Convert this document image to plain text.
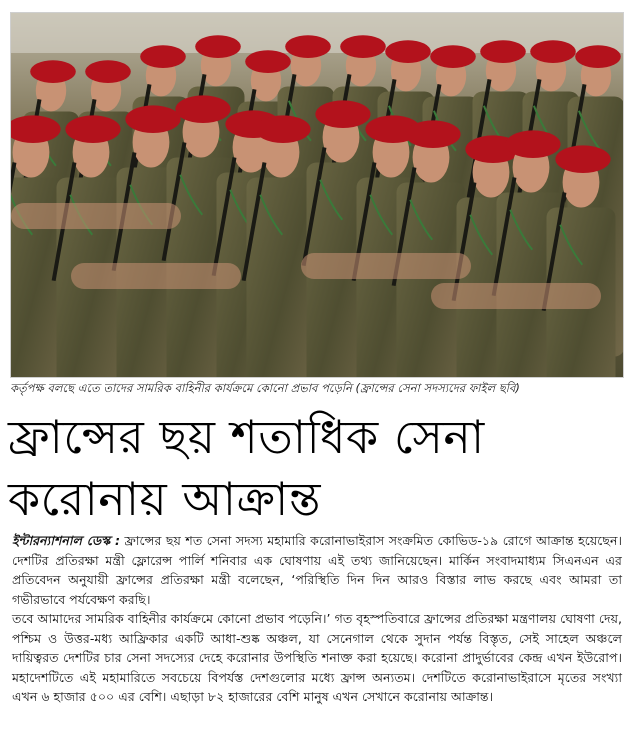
কর্তৃপক্ষ বলছে এতে তাদের সামরিক বাহিনীর কার্যক্রমে কোনো প্রভাব পড়েনি (ফ্রান্সের সেনা সদস্যদের ফাইল ছবি)
ফ্রান্সের ছয় শতাধিক সেনা
করোনায় আক্রান্ত

ইন্টারন্যাশনাল ডেস্ক : ফ্রান্সের ছয় শত সেনা সদস্য মহামারি করোনাভাইরাস সংক্রমিত কোভিড-১৯ রোগে আক্রান্ত হয়েছেন। দেশটির প্রতিরক্ষা মন্ত্রী ফ্লোরেন্স পার্লি শনিবার এক ঘোষণায় এই তথ্য জানিয়েছেন। মার্কিন সংবাদমাধ্যম সিএনএন এর প্রতিবেদন অনুযায়ী ফ্রান্সের প্রতিরক্ষা মন্ত্রী বলেছেন, ‘পরিস্থিতি দিন দিন আরও বিস্তার লাভ করছে এবং আমরা তা গভীরভাবে পর্যবেক্ষণ করছি।

তবে আমাদের সামরিক বাহিনীর কার্যক্রমে কোনো প্রভাব পড়েনি।’ গত বৃহস্পতিবারে ফ্রান্সের প্রতিরক্ষা মন্ত্রণালয় ঘোষণা দেয়, পশ্চিম ও উত্তর-মধ্য আফ্রিকার একটি আধা-শুষ্ক অঞ্চল, যা সেনেগাল থেকে সুদান পর্যন্ত বিস্তৃত, সেই সাহেল অঞ্চলে দায়িত্বরত দেশটির চার সেনা সদস্যের দেহে করোনার উপস্থিতি শনাক্ত করা হয়েছে। করোনা প্রাদুর্ভাবের কেন্দ্র এখন ইউরোপ। মহাদেশটিতে এই মহামারিতে সবচেয়ে বিপর্যস্ত দেশগুলোর মধ্যে ফ্রান্স অন্যতম। দেশটিতে করোনাভাইরাসে মৃতের সংখ্যা এখন ৬ হাজার ৫০০ এর বেশি। এছাড়া ৮২ হাজারের বেশি মানুষ এখন সেখানে করোনায় আক্রান্ত।
